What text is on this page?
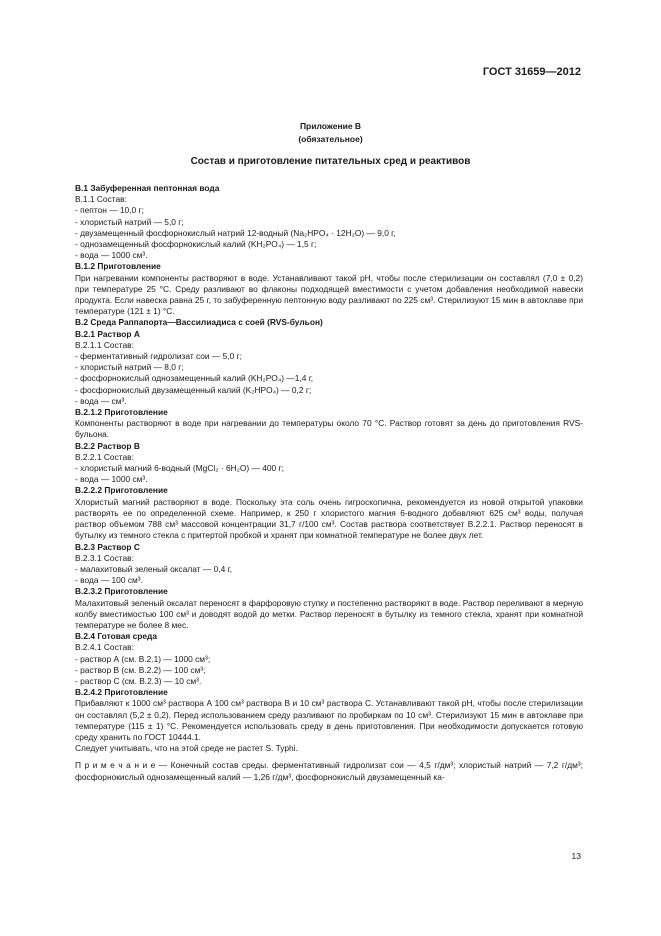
ГОСТ 31659—2012
Приложение В
(обязательное)
Состав и приготовление питательных сред и реактивов

В.1 Забуференная пептонная вода

В.1.1 Состав:

- пептон — 10,0 г;

- хлористый натрий — 5,0 г;

- двузамещенный фосфорнокислый натрий 12-водный (Na₂HPO₄ · 12H₂O) — 9,0 г,

- однозамещенный фосфорнокислый калий (KH₂PO₄) — 1,5 г;

- вода — 1000 см³.

В.1.2 Приготовление

При нагревании компоненты растворяют в воде. Устанавливают такой pH, чтобы после стерилизации он составлял (7,0 ± 0,2) при температуре 25 °С. Среду разливают во флаконы подходящей вместимости с учетом добавления необходимой навески продукта. Если навеска равна 25 г, то забуференную пептонную воду разливают по 225 см³. Стерилизуют 15 мин в автоклаве при температуре (121 ± 1) °С.

В.2 Среда Раппапорта—Вассилиадиса с соей (RVS-бульон)

В.2.1 Раствор А

В.2.1.1 Состав:

- ферментативный гидролизат сои — 5,0 г;

- хлористый натрий — 8,0 г;

- фосфорнокислый однозамещенный калий (KH₂PO₄) —1,4 г,

- фосфорнокислый двузамещенный калий (K₂HPO₄) — 0,2 г;

- вода — см³.

В.2.1.2 Приготовление

Компоненты растворяют в воде при нагревании до температуры около 70 °С. Раствор готовят за день до приготовления RVS-бульона.

В.2.2 Раствор В

В.2.2.1 Состав:

- хлористый магний 6-водный (MgCl₂ · 6H₂O) — 400 г;

- вода — 1000 см³.

В.2.2.2 Приготовление

Хлористый магний растворяют в воде. Поскольку эта соль очень гигроскопична, рекомендуется из новой открытой упаковки растворять ее по определенной схеме. Например, к 250 г хлористого магния 6-водного добавляют 625 см³ воды, получая раствор объемом 788 см³ массовой концентрации 31,7 г/100 см³. Состав раствора соответствует В.2.2.1. Раствор переносят в бутылку из темного стекла с притертой пробкой и хранят при комнатной температуре не более двух лет.

В.2.3 Раствор С

В.2.3.1 Состав:

- малахитовый зеленый оксалат — 0,4 г,

- вода — 100 см³.

В.2.3.2 Приготовление

Малахитовый зеленый оксалат переносят в фарфоровую ступку и постепенно растворяют в воде. Раствор переливают в мерную колбу вместимостью 100 см³ и доводят водой до метки. Раствор переносят в бутылку из темного стекла, хранят при комнатной температуре не более 8 мес.

В.2.4 Готовая среда

В.2.4.1 Состав:

- раствор А (см. В.2.1) — 1000 см³;

- раствор В (см. В.2.2) — 100 см³;

- раствор С (см. В.2.3) — 10 см³.

В.2.4.2 Приготовление

Прибавляют к 1000 см³ раствора А 100 см³ раствора В и 10 см³ раствора С. Устанавливают такой pH, чтобы после стерилизации он составлял (5,2 ± 0,2). Перед использованием среду разливают по пробиркам по 10 см³. Стерилизуют 15 мин в автоклаве при температуре (115 ± 1) °С. Рекомендуется использовать среду в день приготовления. При необходимости допускается готовую среду хранить по ГОСТ 10444.1.

Следует учитывать, что на этой среде не растет S. Typhi.

П р и м е ч а н и е — Конечный состав среды. ферментативный гидролизат сои — 4,5 г/дм³; хлористый натрий — 7,2 г/дм³; фосфорнокислый однозамещенный калий — 1,26 г/дм³, фосфорнокислый двузамещенный ка-

13
